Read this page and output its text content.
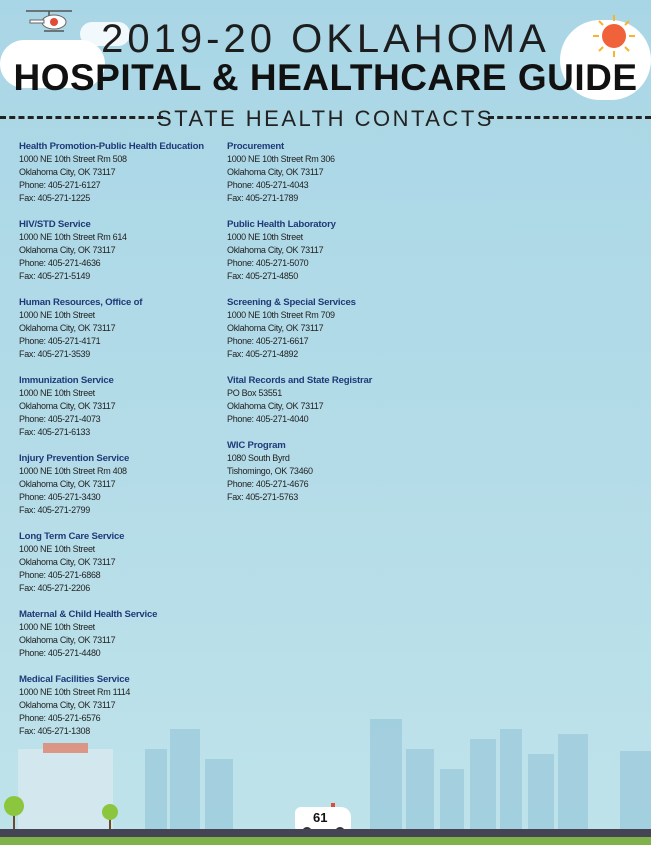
2019-20 OKLAHOMA
HOSPITAL & HEALTHCARE GUIDE
STATE HEALTH CONTACTS
Health Promotion-Public Health Education
1000 NE 10th Street Rm 508
Oklahoma City, OK 73117
Phone: 405-271-6127
Fax: 405-271-1225
HIV/STD Service
1000 NE 10th Street Rm 614
Oklahoma City, OK 73117
Phone: 405-271-4636
Fax: 405-271-5149
Human Resources, Office of
1000 NE 10th Street
Oklahoma City, OK 73117
Phone: 405-271-4171
Fax: 405-271-3539
Immunization Service
1000 NE 10th Street
Oklahoma City, OK 73117
Phone: 405-271-4073
Fax: 405-271-6133
Injury Prevention Service
1000 NE 10th Street Rm 408
Oklahoma City, OK 73117
Phone: 405-271-3430
Fax: 405-271-2799
Long Term Care Service
1000 NE 10th Street
Oklahoma City, OK 73117
Phone: 405-271-6868
Fax: 405-271-2206
Maternal & Child Health Service
1000 NE 10th Street
Oklahoma City, OK 73117
Phone: 405-271-4480
Medical Facilities Service
1000 NE 10th Street Rm 1114
Oklahoma City, OK 73117
Phone: 405-271-6576
Fax: 405-271-1308
Procurement
1000 NE 10th Street Rm 306
Oklahoma City, OK 73117
Phone: 405-271-4043
Fax: 405-271-1789
Public Health Laboratory
1000 NE 10th Street
Oklahoma City, OK 73117
Phone: 405-271-5070
Fax: 405-271-4850
Screening & Special Services
1000 NE 10th Street Rm 709
Oklahoma City, OK 73117
Phone: 405-271-6617
Fax: 405-271-4892
Vital Records and State Registrar
PO Box 53551
Oklahoma City, OK 73117
Phone: 405-271-4040
WIC Program
1080 South Byrd
Tishomingo, OK 73460
Phone: 405-271-4676
Fax: 405-271-5763
61
